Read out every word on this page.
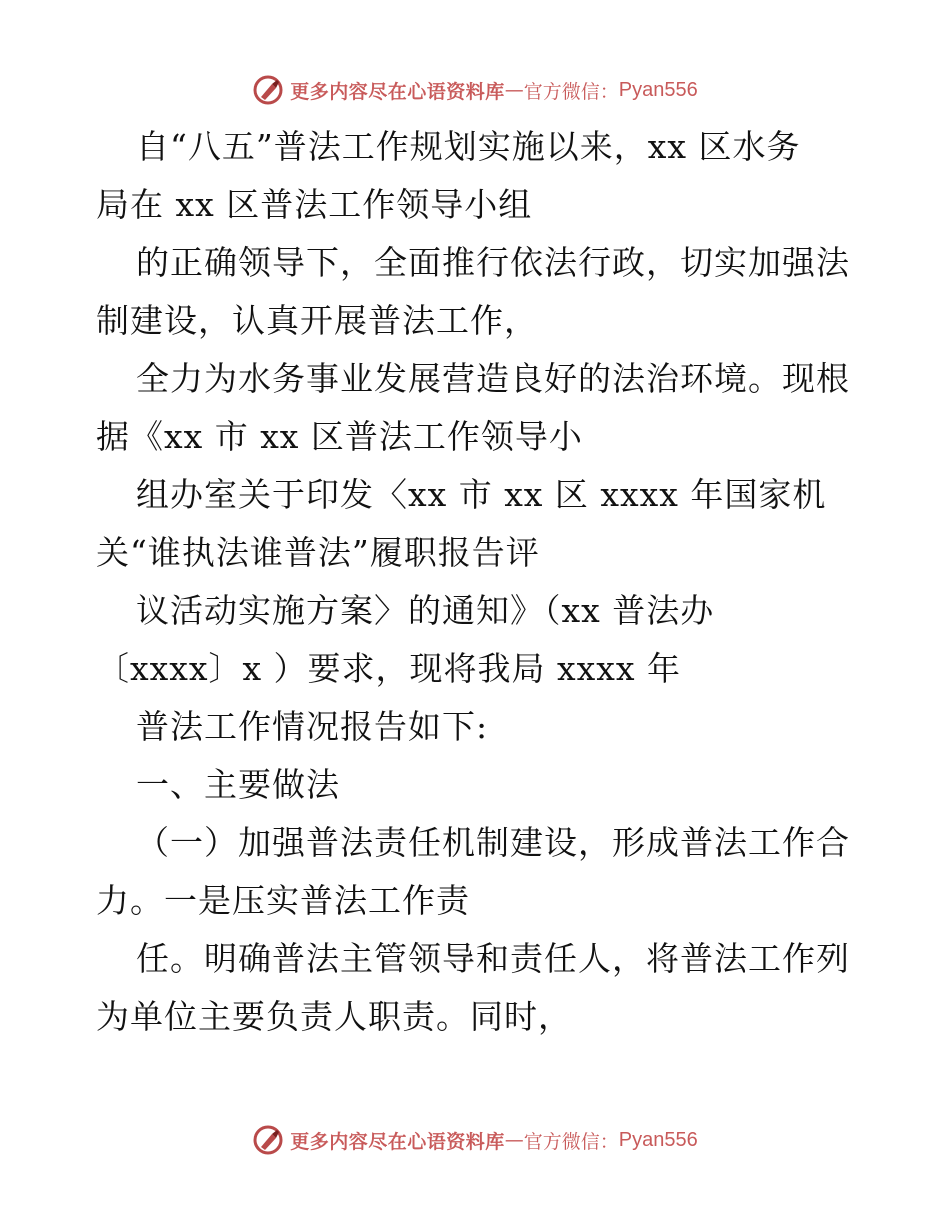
更多内容尽在心语资料库 — 官方微信： Pyan556
自“八五”普法工作规划实施以来，xx 区水务
局在 xx 区普法工作领导小组
的正确领导下，全面推行依法行政，切实加强法
制建设，认真开展普法工作，
全力为水务事业发展营造良好的法治环境。现根
据《xx 市 xx 区普法工作领导小
组办室关于印发〈xx 市 xx 区 xxxx 年国家机
关“谁执法谁普法”履职报告评
议活动实施方案〉的通知》（xx 普法办
〔xxxx〕x ）要求，现将我局 xxxx 年
普法工作情况报告如下:
一、主要做法
（一）加强普法责任机制建设，形成普法工作合
力。一是压实普法工作责
任。明确普法主管领导和责任人，将普法工作列
为单位主要负责人职责。同时，
更多内容尽在心语资料库 — 官方微信： Pyan556
